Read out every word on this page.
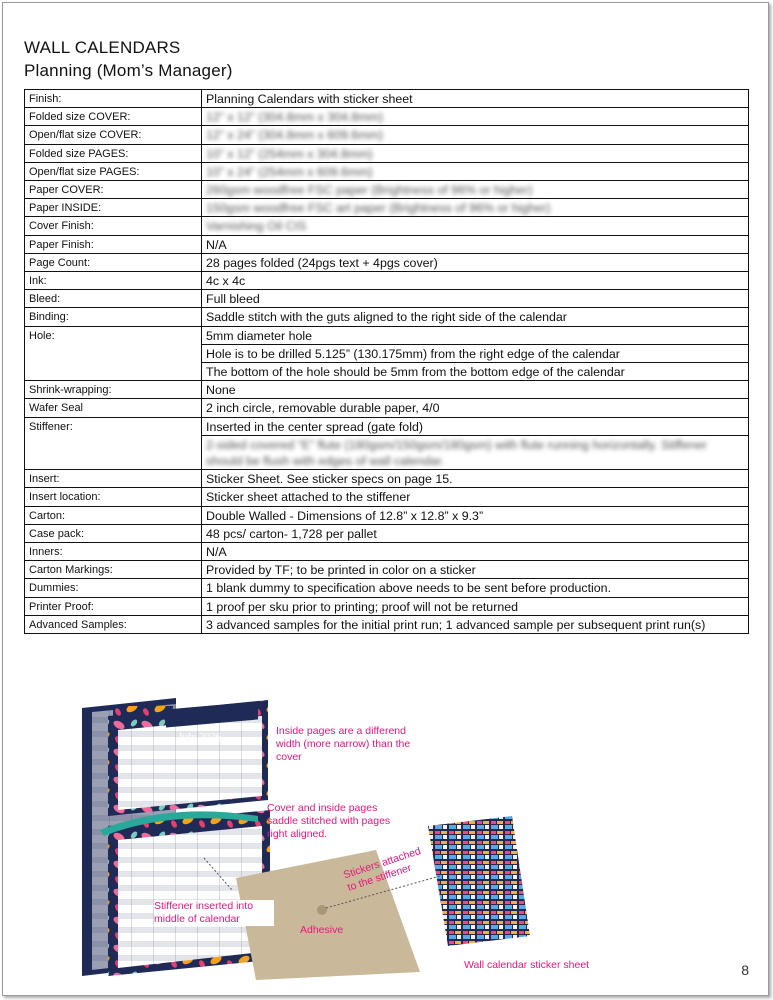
WALL CALENDARS
Planning (Mom’s Manager)
Finish:	Planning Calendars with sticker sheet
Folded size COVER:	12” x 12” (304.8mm x 304.8mm)
Open/flat size COVER:	12” x 24” (304.8mm x 609.6mm)
Folded size PAGES:	10” x 12” (254mm x 304.8mm)
Open/flat size PAGES:	10” x 24” (254mm x 609.6mm)
Paper COVER:	260gsm woodfree FSC paper (Brightness of 96% or higher)
Paper INSIDE:	150gsm woodfree FSC art paper (Brightness of 96% or higher)
Cover Finish:	Varnishing Oil CIS
Paper Finish:	N/A
Page Count:	28 pages folded (24pgs text + 4pgs cover)
Ink:	4c x 4c
Bleed:	Full bleed
Binding:	Saddle stitch with the guts aligned to the right side of the calendar
Hole:	5mm diameter hole
	Hole is to be drilled 5.125” (130.175mm) from the right edge of the calendar
	The bottom of the hole should be 5mm from the bottom edge of the calendar
Shrink-wrapping:	None
Wafer Seal	2 inch circle, removable durable paper, 4/0
Stiffener:	Inserted in the center spread (gate fold)
	2-sided covered “E” flute (180gsm/150gsm/180gsm) with flute running horizontally. Stiffener should be flush with edges of wall calendar.
Insert:	Sticker Sheet. See sticker specs on page 15.
Insert location:	Sticker sheet attached to the stiffener
Carton:	Double Walled - Dimensions of 12.8” x 12.8” x 9.3”
Case pack:	48 pcs/ carton- 1,728 per pallet
Inners:	N/A
Carton Markings:	Provided by TF; to be printed in color on a sticker
Dummies:	1 blank dummy to specification above needs to be sent before production.
Printer Proof:	1 proof per sku prior to printing; proof will not be returned
Advanced Samples:	3 advanced samples for the initial print run; 1 advanced sample per subsequent print run(s)
July 2026	Inside pages are a differend width (more narrow) than the cover
Cover and inside pages saddle stitched with pages right aligned.
Stiffener inserted into middle of calendar
Adhesive
Stickers attached to the stiffener
Wall calendar sticker sheet	8
